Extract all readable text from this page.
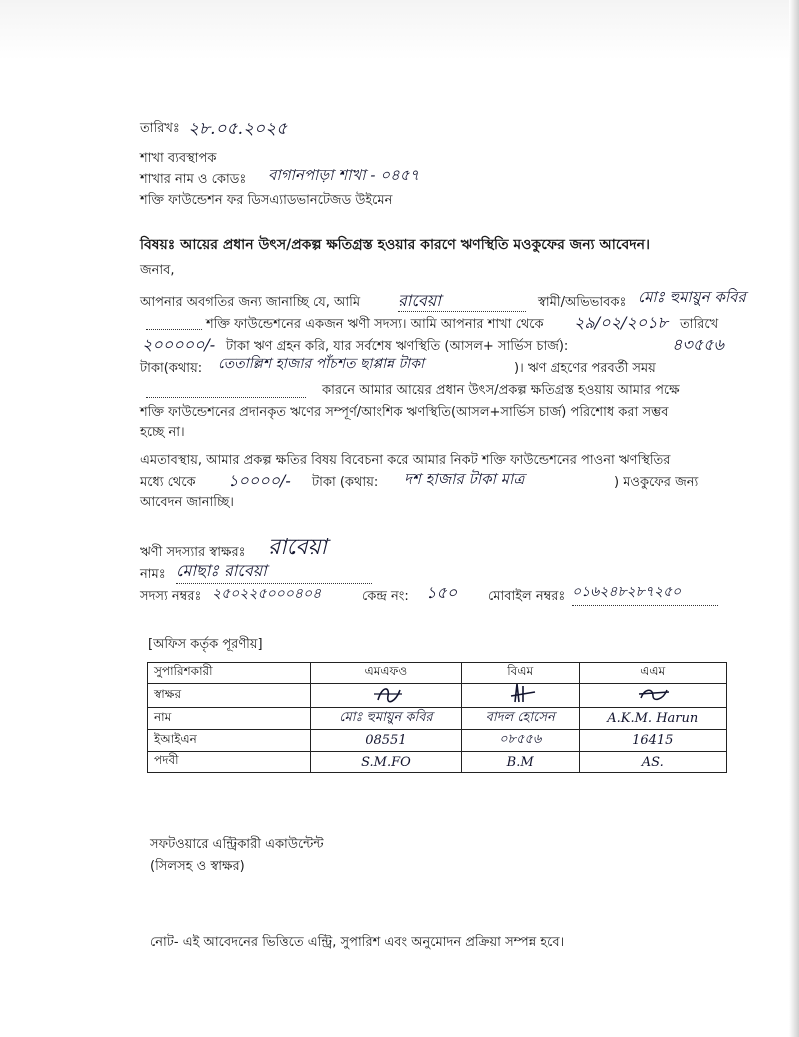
তারিখঃ ২৮.০৫.২০২৫
শাখা ব্যবস্থাপক
শাখার নাম ও কোডঃ বাগানপাড়া শাখা - ০৪৫৭
শক্তি ফাউন্ডেশন ফর ডিসএ্যাডভানটেজড উইমেন
বিষয়ঃ আয়ের প্রধান উৎস/প্রকল্প ক্ষতিগ্রস্ত হওয়ার কারণে ঋণস্থিতি মওকুফের জন্য আবেদন।
জনাব,
আপনার অবগতির জন্য জানাচ্ছি যে, আমি রাবেয়া	স্বামী/অভিভাবকঃ মোঃ হুমায়ুন কবির
শক্তি ফাউন্ডেশনের একজন ঋণী সদস্য। আমি আপনার শাখা থেকে ২৯/০২/২০১৮ তারিখে
২০০০০০/- টাকা ঋণ গ্রহন করি, যার সর্বশেষ ঋণস্থিতি (আসল+ সার্ভিস চার্জ):	৪৩৫৫৬
টাকা(কথায়: তেতাল্লিশ হাজার পাঁচশত ছাপ্পান্ন টাকা	)। ঋণ গ্রহণের পরবর্তী সময়
কারনে আমার আয়ের প্রধান উৎস/প্রকল্প ক্ষতিগ্রস্ত হওয়ায় আমার পক্ষে
শক্তি ফাউন্ডেশনের প্রদানকৃত ঋণের সম্পূর্ণ/আংশিক ঋণস্থিতি(আসল+সার্ভিস চার্জ) পরিশোধ করা সম্ভব
হচ্ছে না।
এমতাবস্থায়, আমার প্রকল্প ক্ষতির বিষয় বিবেচনা করে আমার নিকট শক্তি ফাউন্ডেশনের পাওনা ঋণস্থিতির
মধ্যে থেকে ১০০০০/- টাকা (কথায়: দশ হাজার টাকা মাত্র	) মওকুফের জন্য
আবেদন জানাচ্ছি।
ঋণী সদস্যার স্বাক্ষরঃ রাবেয়া
নামঃ মোছাঃ রাবেয়া
সদস্য নম্বরঃ ২৫০২২৫০০০৪০৪	কেন্দ্র নং: ১৫০ মোবাইল নম্বরঃ ০১৬২৪৮২৮৭২৫০
[অফিস কর্তৃক পূরণীয়]
সুপারিশকারী	এমএফও	বিএম	এএম
স্বাক্ষর			
নাম	মোঃ হুমায়ুন কবির	বাদল হোসেন	A.K.M. Harun
ইআইএন	08551	০৮৫৫৬	16415
পদবী	S.M.FO	B.M	AS.
সফটওয়ারে এন্ট্রিকারী একাউন্টেন্ট
(সিলসহ ও স্বাক্ষর)
নোট- এই আবেদনের ভিত্তিতে এন্ট্রি, সুপারিশ এবং অনুমোদন প্রক্রিয়া সম্পন্ন হবে।
